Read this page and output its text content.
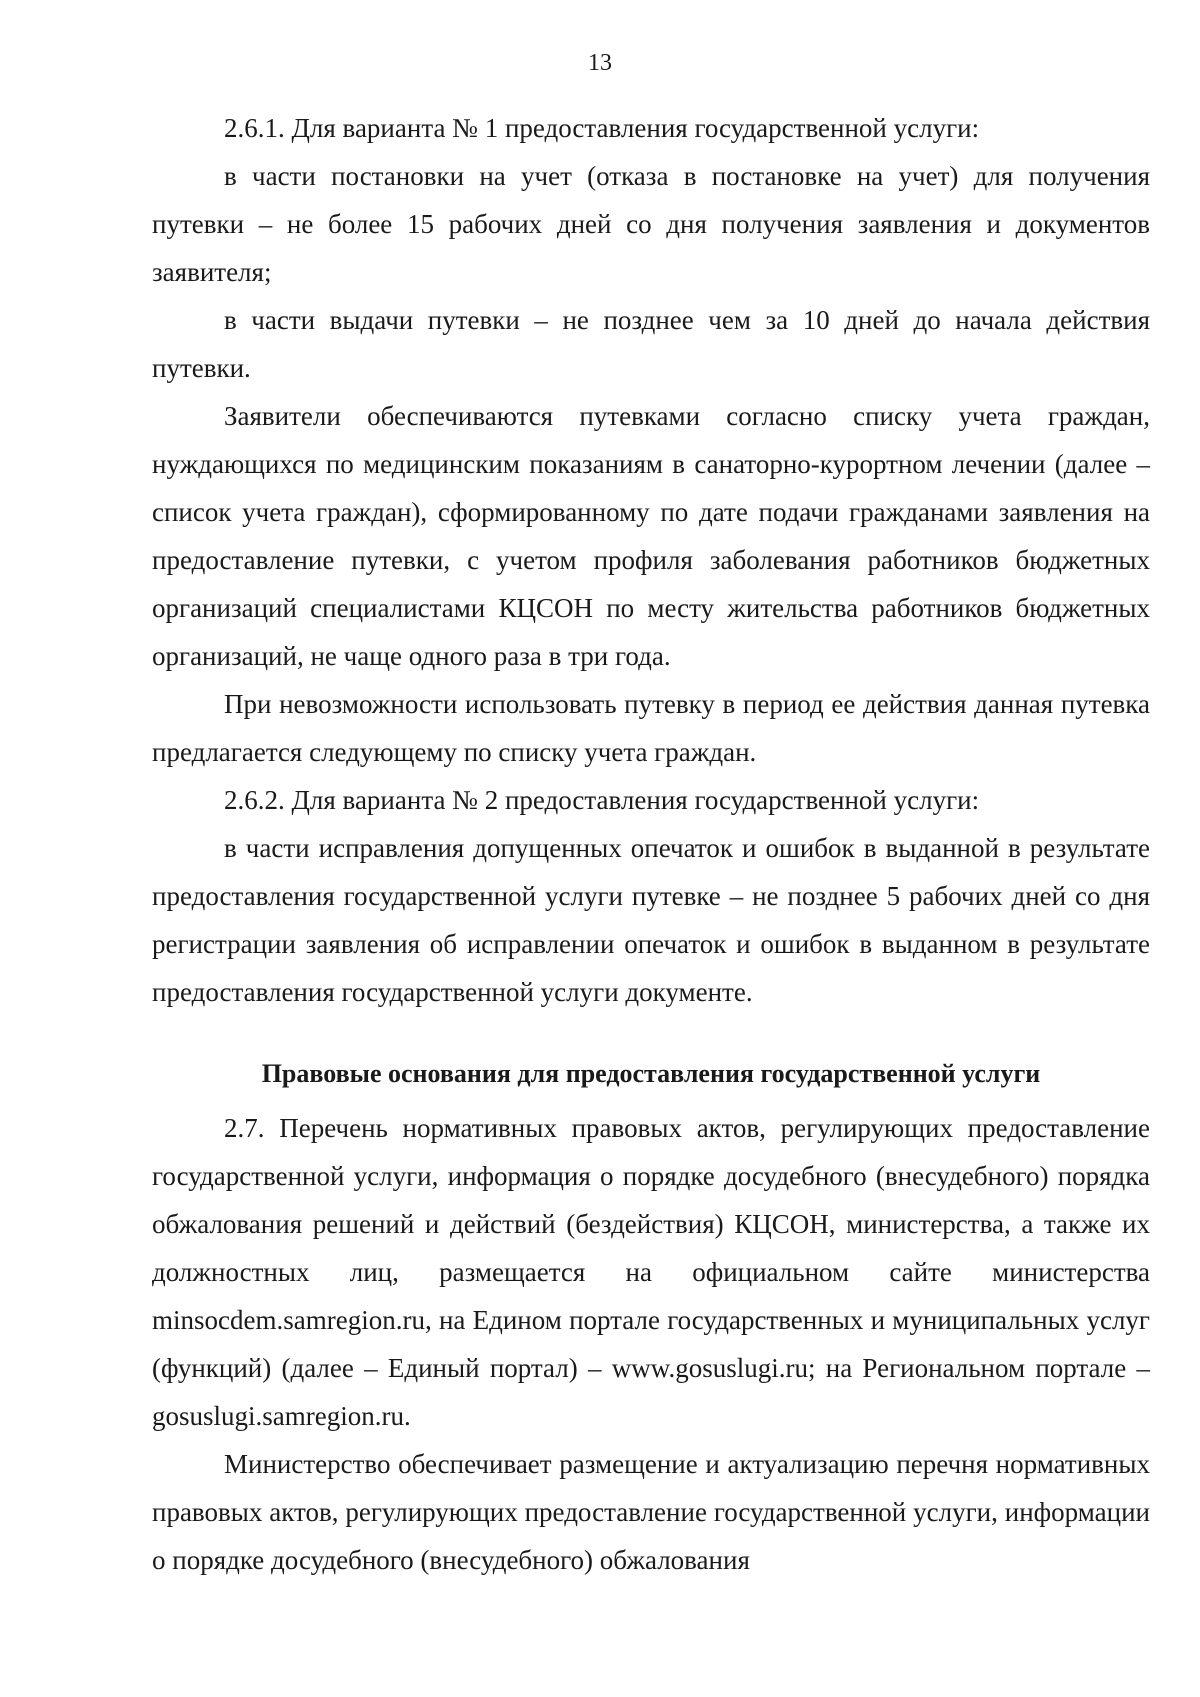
13

2.6.1. Для варианта № 1 предоставления государственной услуги:

в части постановки на учет (отказа в постановке на учет) для получения путевки – не более 15 рабочих дней со дня получения заявления и документов заявителя;

в части выдачи путевки – не позднее чем за 10 дней до начала действия путевки.

Заявители обеспечиваются путевками согласно списку учета граждан, нуждающихся по медицинским показаниям в санаторно-курортном лечении (далее – список учета граждан), сформированному по дате подачи гражданами заявления на предоставление путевки, с учетом профиля заболевания работников бюджетных организаций специалистами КЦСОН по месту жительства работников бюджетных организаций, не чаще одного раза в три года.

При невозможности использовать путевку в период ее действия данная путевка предлагается следующему по списку учета граждан.

2.6.2. Для варианта № 2 предоставления государственной услуги:

в части исправления допущенных опечаток и ошибок в выданной в результате предоставления государственной услуги путевке – не позднее 5 рабочих дней со дня регистрации заявления об исправлении опечаток и ошибок в выданном в результате предоставления государственной услуги документе.

Правовые основания для предоставления государственной услуги

2.7. Перечень нормативных правовых актов, регулирующих предоставление государственной услуги, информация о порядке досудебного (внесудебного) порядка обжалования решений и действий (бездействия) КЦСОН, министерства, а также их должностных лиц, размещается на официальном сайте министерства minsocdem.samregion.ru, на Едином портале государственных и муниципальных услуг (функций) (далее – Единый портал) – www.gosuslugi.ru; на Региональном портале – gosuslugi.samregion.ru.

Министерство обеспечивает размещение и актуализацию перечня нормативных правовых актов, регулирующих предоставление государственной услуги, информации о порядке досудебного (внесудебного) обжалования
